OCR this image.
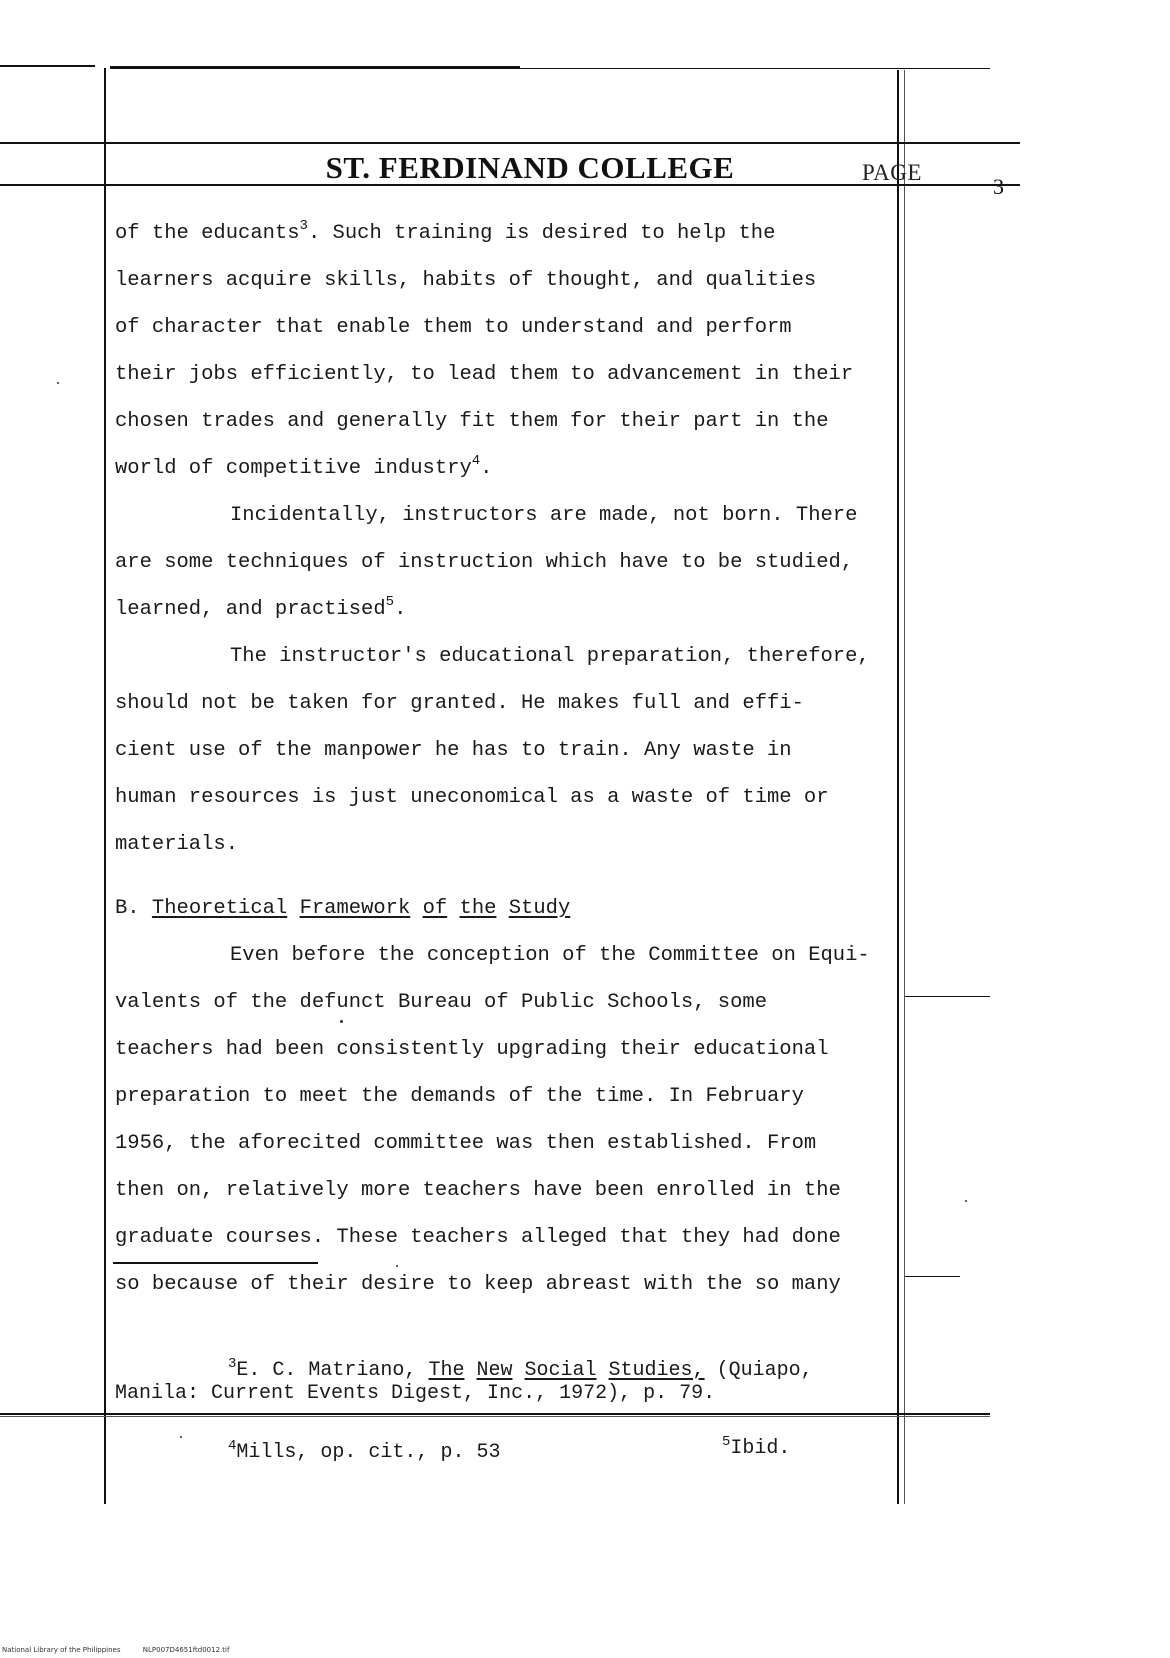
ST. FERDINAND COLLEGE	PAGE
3

of the educants$^3$. Such training is desired to help the

learners acquire skills, habits of thought, and qualities

of character that enable them to understand and perform

their jobs efficiently, to lead them to advancement in their

chosen trades and generally fit them for their part in the

world of competitive industry$^4$.

Incidentally, instructors are made, not born. There

are some techniques of instruction which have to be studied,

learned, and practised$^5$.

The instructor's educational preparation, therefore,

should not be taken for granted. He makes full and effi-

cient use of the manpower he has to train. Any waste in

human resources is just uneconomical as a waste of time or

materials.

B. Theoretical Framework of the Study

Even before the conception of the Committee on Equi-

valents of the defunct Bureau of Public Schools, some

teachers had been consistently upgrading their educational

preparation to meet the demands of the time. In February

1956, the aforecited committee was then established. From

then on, relatively more teachers have been enrolled in the

graduate courses. These teachers alleged that they had done

so because of their desire to keep abreast with the so many

$^3$E. C. Matriano, The New Social Studies, (Quiapo,
Manila: Current Events Digest, Inc., 1972), p. 79.
$^4$Mills, op. cit., p. 53	$^5$Ibid.
National Library of the Philippines	NLP007D4651ftd0012.tif
